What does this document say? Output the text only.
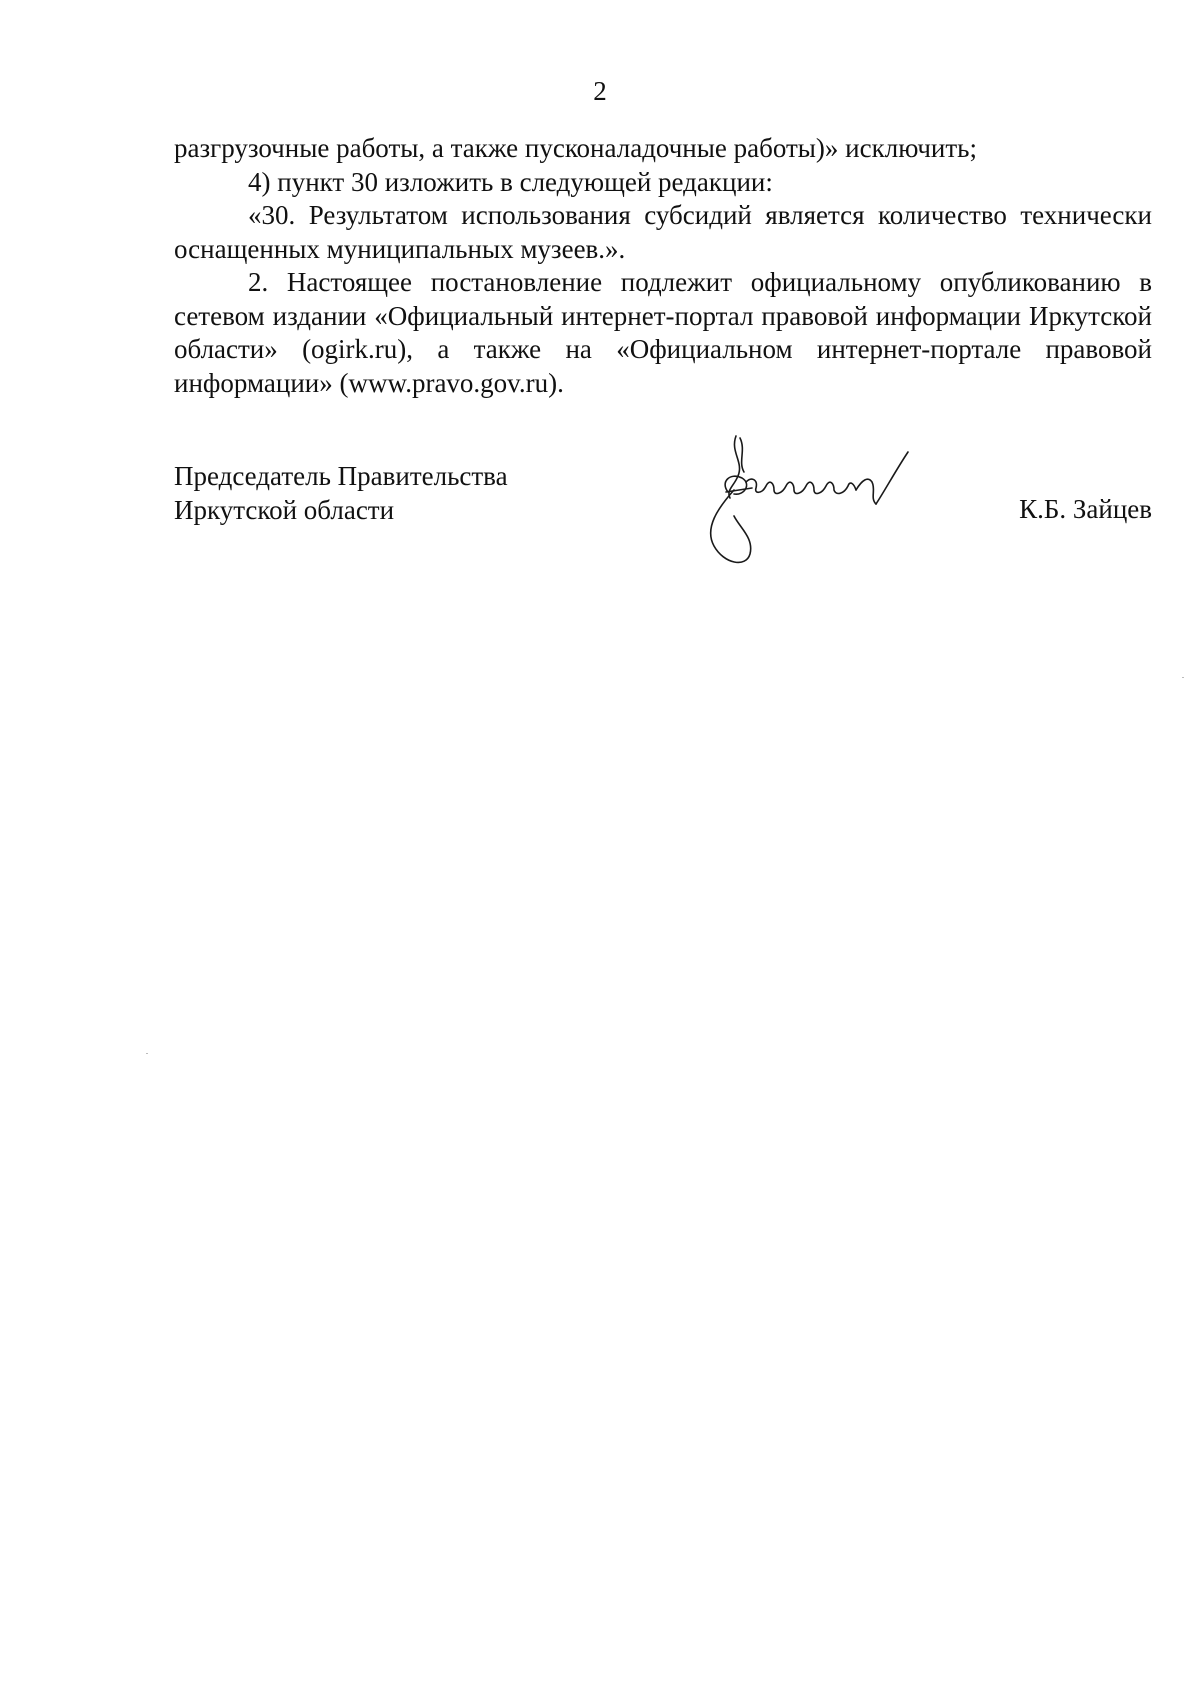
2

разгрузочные работы, а также пусконаладочные работы)» исключить;

4) пункт 30 изложить в следующей редакции:

«30. Результатом использования субсидий является количество технически оснащенных муниципальных музеев.».

2. Настоящее постановление подлежит официальному опубликованию в сетевом издании «Официальный интернет-портал правовой информации Иркутской области» (ogirk.ru), а также на «Официальном интернет-портале правовой информации» (www.pravo.gov.ru).

Председатель Правительства
Иркутской области	К.Б. Зайцев
